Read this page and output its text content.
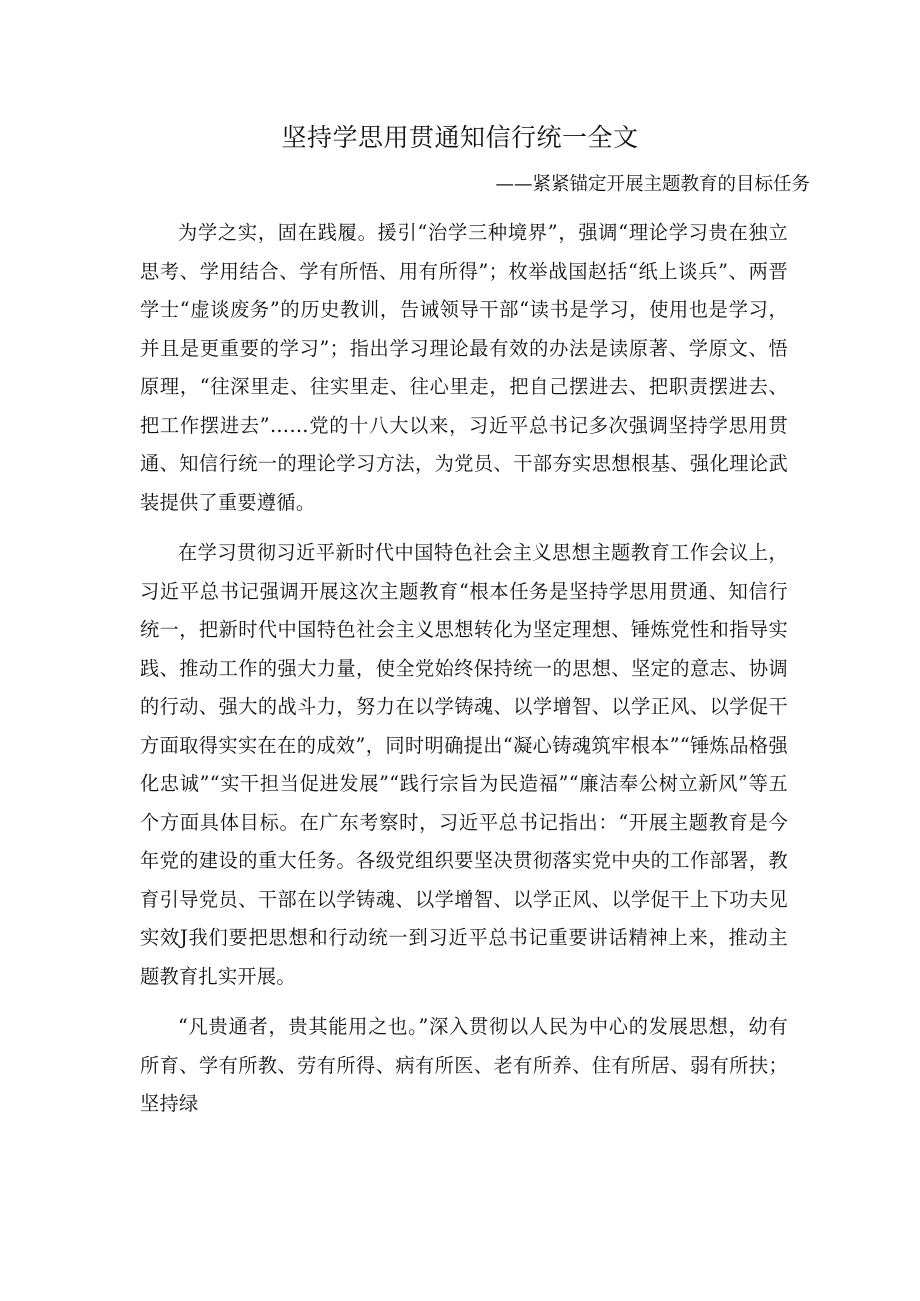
坚持学思用贯通知信行统一全文

——紧紧锚定开展主题教育的目标任务

为学之实，固在践履。援引“治学三种境界”，强调“理论学习贵在独立思考、学用结合、学有所悟、用有所得”；枚举战国赵括“纸上谈兵”、两晋学士“虚谈废务”的历史教训，告诫领导干部“读书是学习，使用也是学习，并且是更重要的学习”；指出学习理论最有效的办法是读原著、学原文、悟原理，“往深里走、往实里走、往心里走，把自己摆进去、把职责摆进去、把工作摆进去”……党的十八大以来，习近平总书记多次强调坚持学思用贯通、知信行统一的理论学习方法，为党员、干部夯实思想根基、强化理论武装提供了重要遵循。

在学习贯彻习近平新时代中国特色社会主义思想主题教育工作会议上，习近平总书记强调开展这次主题教育“根本任务是坚持学思用贯通、知信行统一，把新时代中国特色社会主义思想转化为坚定理想、锤炼党性和指导实践、推动工作的强大力量，使全党始终保持统一的思想、坚定的意志、协调的行动、强大的战斗力，努力在以学铸魂、以学增智、以学正风、以学促干方面取得实实在在的成效”，同时明确提出“凝心铸魂筑牢根本”“锤炼品格强化忠诚”“实干担当促进发展”“践行宗旨为民造福”“廉洁奉公树立新风”等五个方面具体目标。在广东考察时，习近平总书记指出：“开展主题教育是今年党的建设的重大任务。各级党组织要坚决贯彻落实党中央的工作部署，教育引导党员、干部在以学铸魂、以学增智、以学正风、以学促干上下功夫见实效J我们要把思想和行动统一到习近平总书记重要讲话精神上来，推动主题教育扎实开展。

“凡贵通者，贵其能用之也。”深入贯彻以人民为中心的发展思想，幼有所育、学有所教、劳有所得、病有所医、老有所养、住有所居、弱有所扶；坚持绿
